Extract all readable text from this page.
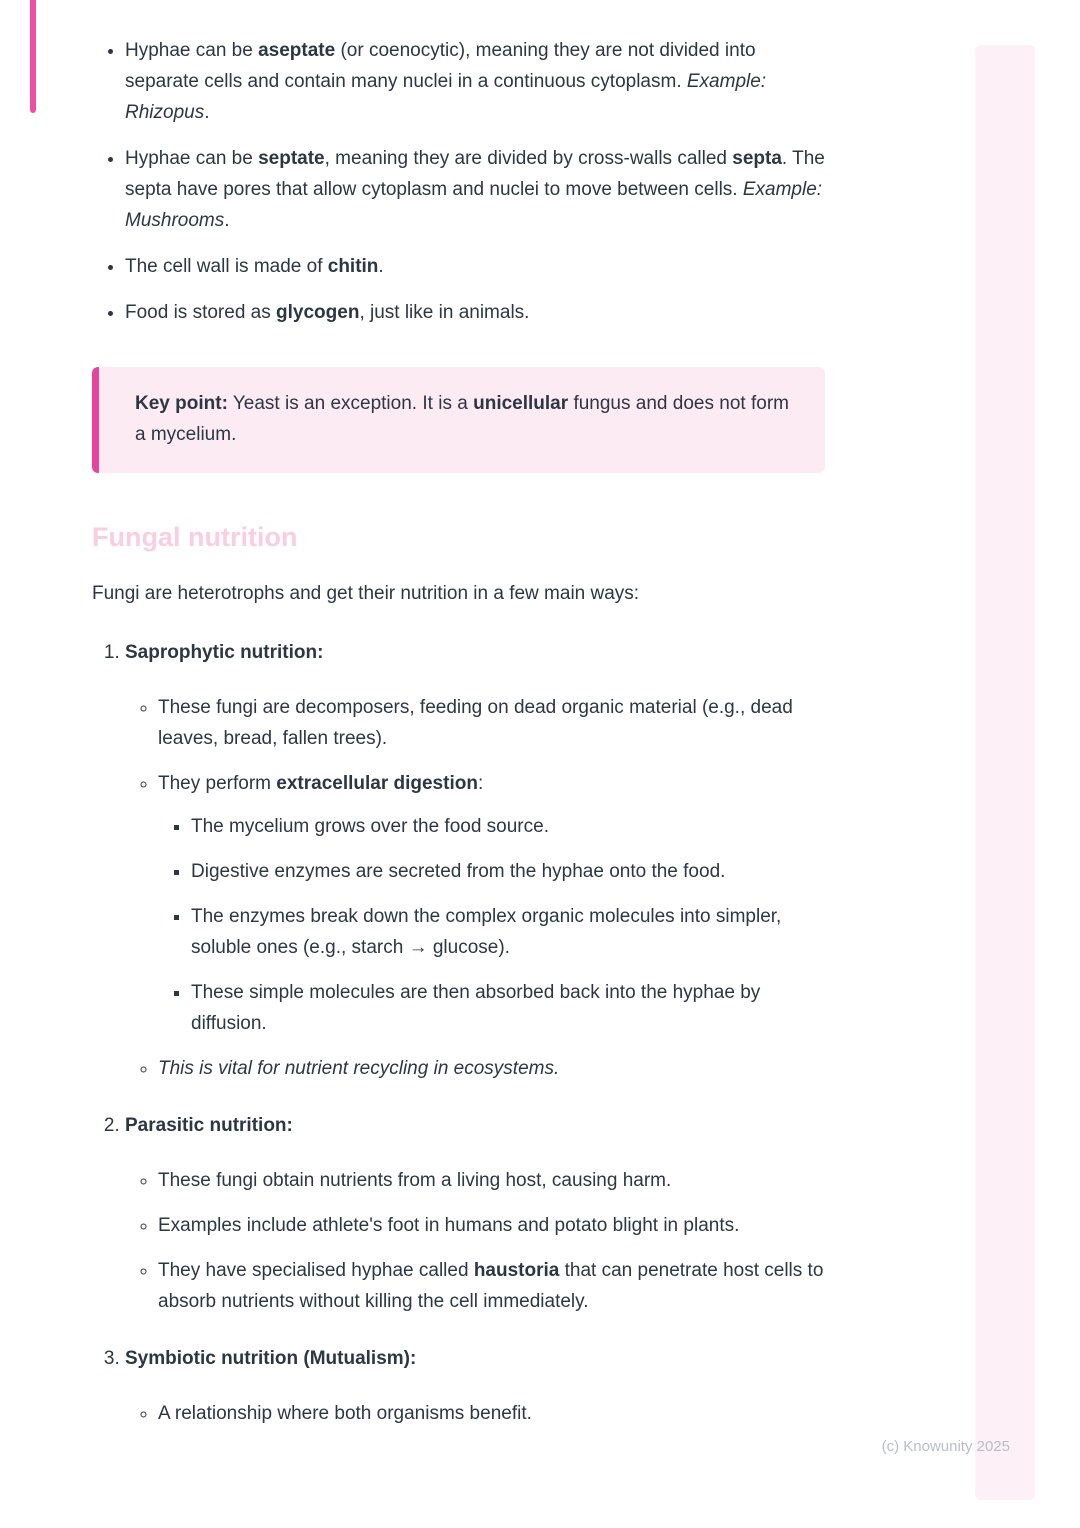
• Hyphae can be aseptate (or coenocytic), meaning they are not divided into separate cells and contain many nuclei in a continuous cytoplasm. Example: Rhizopus.
• Hyphae can be septate, meaning they are divided by cross-walls called septa. The septa have pores that allow cytoplasm and nuclei to move between cells. Example: Mushrooms.
• The cell wall is made of chitin.
• Food is stored as glycogen, just like in animals.

Key point: Yeast is an exception. It is a unicellular fungus and does not form a mycelium.

Fungal nutrition

Fungi are heterotrophs and get their nutrition in a few main ways:

1. Saprophytic nutrition:
◦ These fungi are decomposers, feeding on dead organic material (e.g., dead leaves, bread, fallen trees).
◦ They perform extracellular digestion:
▪ The mycelium grows over the food source.
▪ Digestive enzymes are secreted from the hyphae onto the food.
▪ The enzymes break down the complex organic molecules into simpler, soluble ones (e.g., starch → glucose).
▪ These simple molecules are then absorbed back into the hyphae by diffusion.
◦ This is vital for nutrient recycling in ecosystems.
2. Parasitic nutrition:
◦ These fungi obtain nutrients from a living host, causing harm.
◦ Examples include athlete's foot in humans and potato blight in plants.
◦ They have specialised hyphae called haustoria that can penetrate host cells to absorb nutrients without killing the cell immediately.
3. Symbiotic nutrition (Mutualism):
◦ A relationship where both organisms benefit.
(c) Knowunity 2025
